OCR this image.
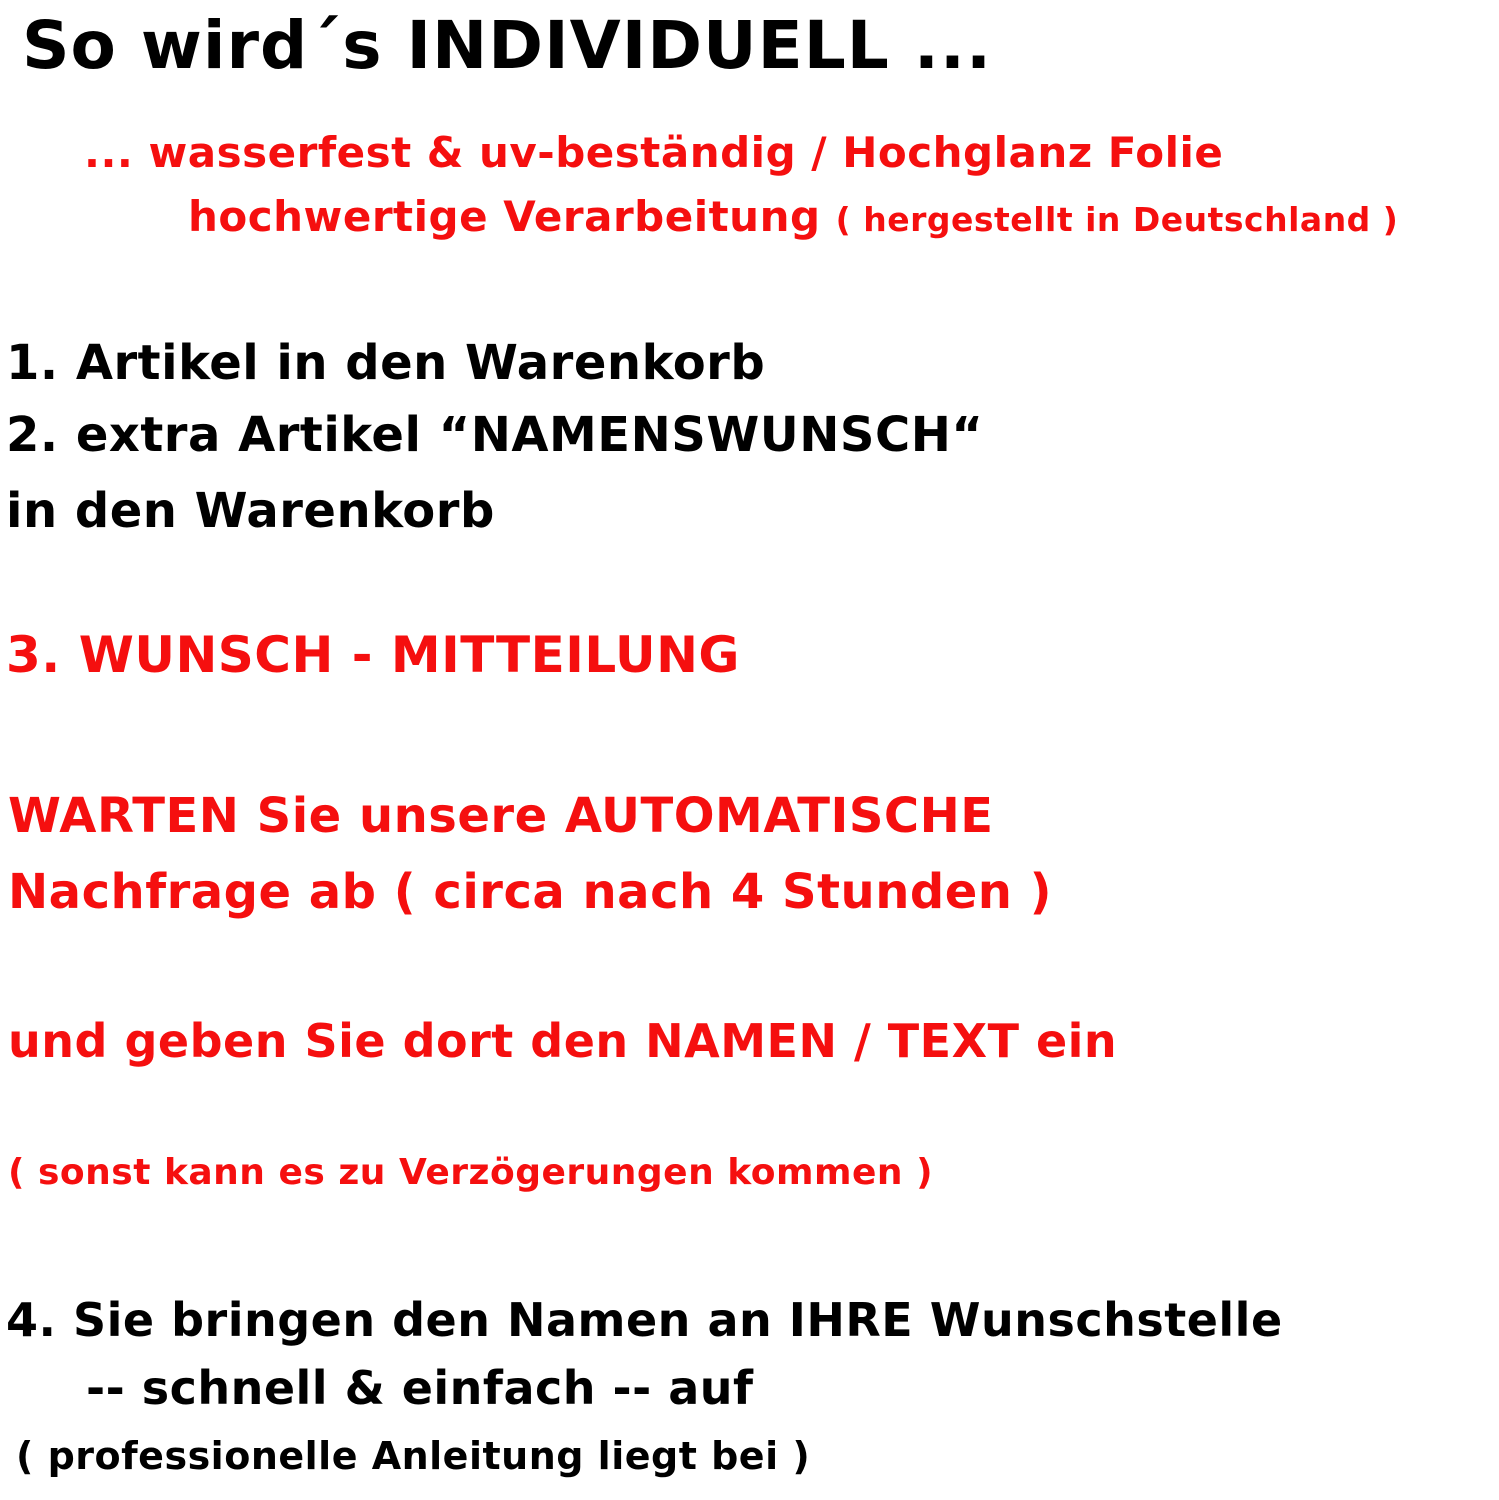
So wird´s INDIVIDUELL ...
... wasserfest & uv-beständig / Hochglanz Folie
hochwertige Verarbeitung ( hergestellt in Deutschland )
1. Artikel in den Warenkorb
2. extra Artikel “NAMENSWUNSCH“
in den Warenkorb
3. WUNSCH - MITTEILUNG
WARTEN Sie unsere AUTOMATISCHE
Nachfrage ab ( circa nach 4 Stunden )
und geben Sie dort den NAMEN / TEXT ein
( sonst kann es zu Verzögerungen kommen )
4. Sie bringen den Namen an IHRE Wunschstelle
-- schnell & einfach -- auf
( professionelle Anleitung liegt bei )
